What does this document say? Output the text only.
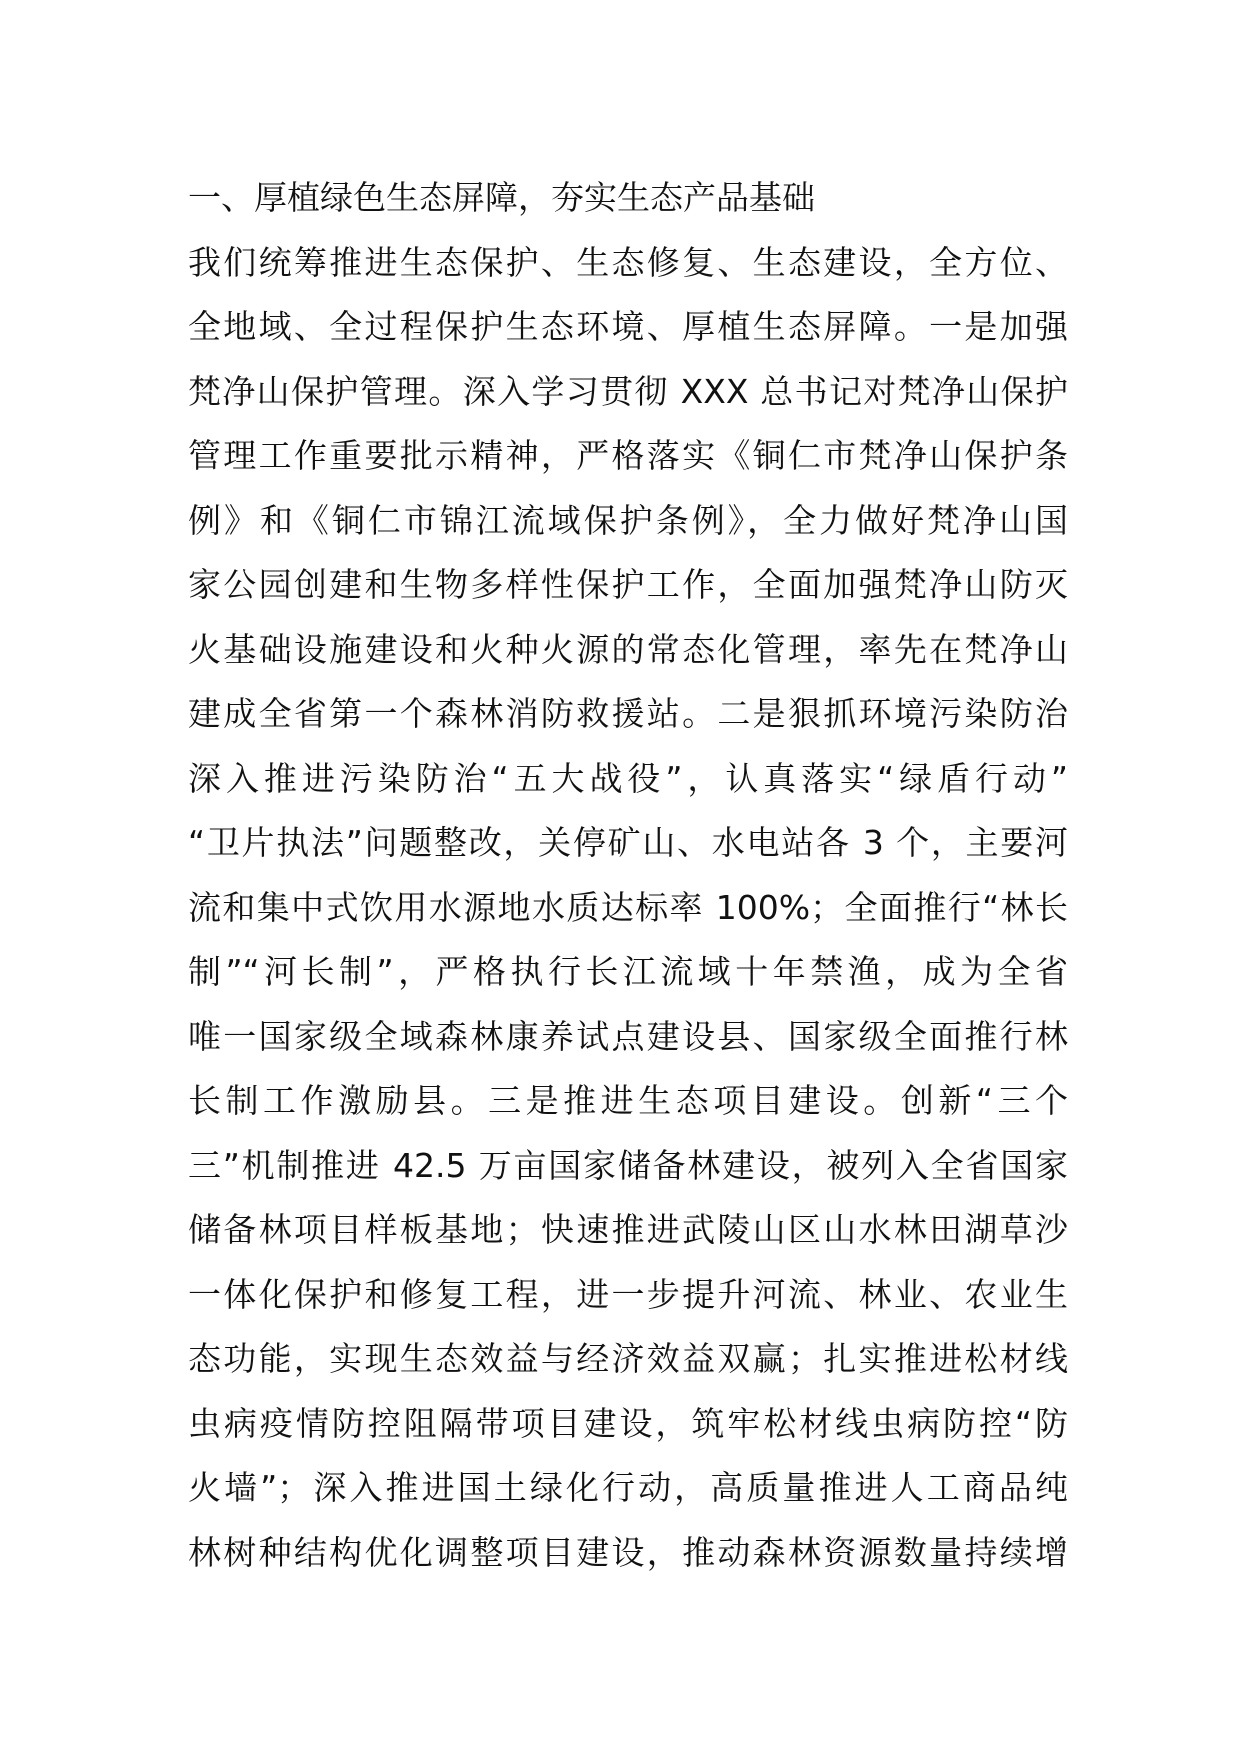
一、厚植绿色生态屏障，夯实生态产品基础
我们统筹推进生态保护、生态修复、生态建设，全方位、
全地域、全过程保护生态环境、厚植生态屏障。一是加强
梵净山保护管理。深入学习贯彻 XXX 总书记对梵净山保护
管理工作重要批示精神，严格落实《铜仁市梵净山保护条
例》和《铜仁市锦江流域保护条例》，全力做好梵净山国
家公园创建和生物多样性保护工作，全面加强梵净山防灭
火基础设施建设和火种火源的常态化管理，率先在梵净山
建成全省第一个森林消防救援站。二是狠抓环境污染防治
深入推进污染防治“五大战役”，认真落实“绿盾行动”
“卫片执法”问题整改，关停矿山、水电站各 3 个，主要河
流和集中式饮用水源地水质达标率 100%；全面推行“林长
制”“河长制”，严格执行长江流域十年禁渔，成为全省
唯一国家级全域森林康养试点建设县、国家级全面推行林
长制工作激励县。三是推进生态项目建设。创新“三个
三”机制推进 42.5 万亩国家储备林建设，被列入全省国家
储备林项目样板基地；快速推进武陵山区山水林田湖草沙
一体化保护和修复工程，进一步提升河流、林业、农业生
态功能，实现生态效益与经济效益双赢；扎实推进松材线
虫病疫情防控阻隔带项目建设，筑牢松材线虫病防控“防
火墙”；深入推进国土绿化行动，高质量推进人工商品纯
林树种结构优化调整项目建设，推动森林资源数量持续增
